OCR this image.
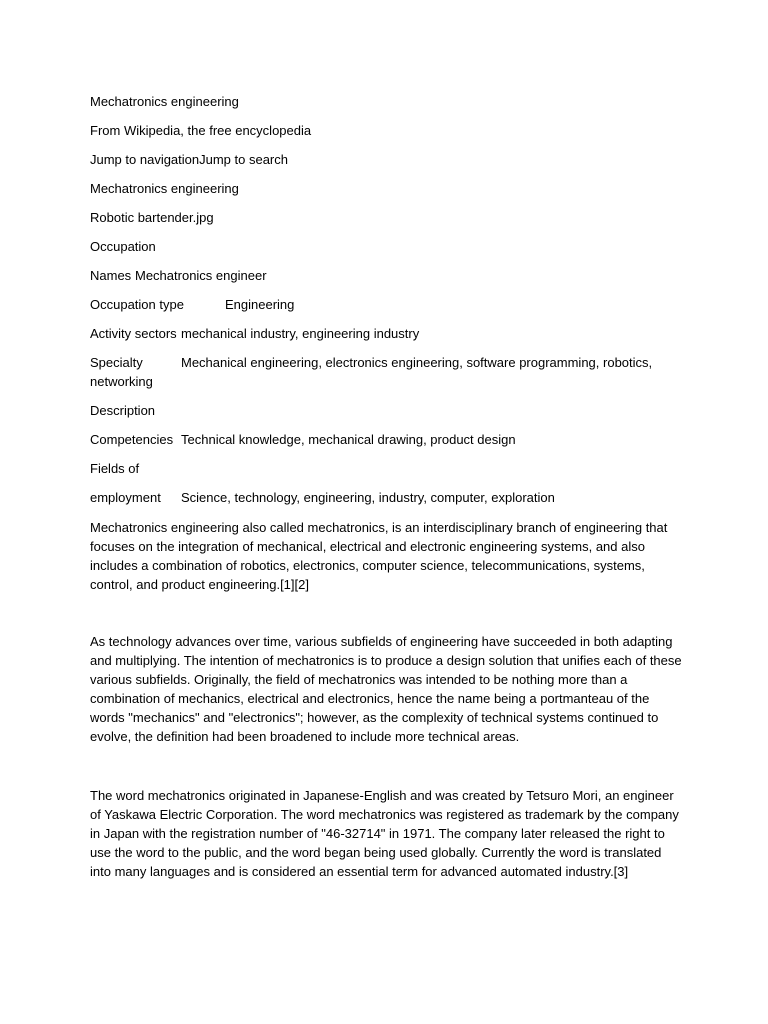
Mechatronics engineering
From Wikipedia, the free encyclopedia
Jump to navigationJump to search
Mechatronics engineering
Robotic bartender.jpg
Occupation
Names Mechatronics engineer
Occupation type	Engineering
Activity sectors mechanical industry, engineering industry
Specialty	Mechanical engineering, electronics engineering, software programming, robotics,
networking
Description
Competencies Technical knowledge, mechanical drawing, product design
Fields of
employment Science, technology, engineering, industry, computer, exploration

Mechatronics engineering also called mechatronics, is an interdisciplinary branch of engineering that focuses on the integration of mechanical, electrical and electronic engineering systems, and also includes a combination of robotics, electronics, computer science, telecommunications, systems, control, and product engineering.[1][2]

As technology advances over time, various subfields of engineering have succeeded in both adapting and multiplying. The intention of mechatronics is to produce a design solution that unifies each of these various subfields. Originally, the field of mechatronics was intended to be nothing more than a combination of mechanics, electrical and electronics, hence the name being a portmanteau of the words "mechanics" and "electronics"; however, as the complexity of technical systems continued to evolve, the definition had been broadened to include more technical areas.

The word mechatronics originated in Japanese-English and was created by Tetsuro Mori, an engineer of Yaskawa Electric Corporation. The word mechatronics was registered as trademark by the company in Japan with the registration number of "46-32714" in 1971. The company later released the right to use the word to the public, and the word began being used globally. Currently the word is translated into many languages and is considered an essential term for advanced automated industry.[3]
